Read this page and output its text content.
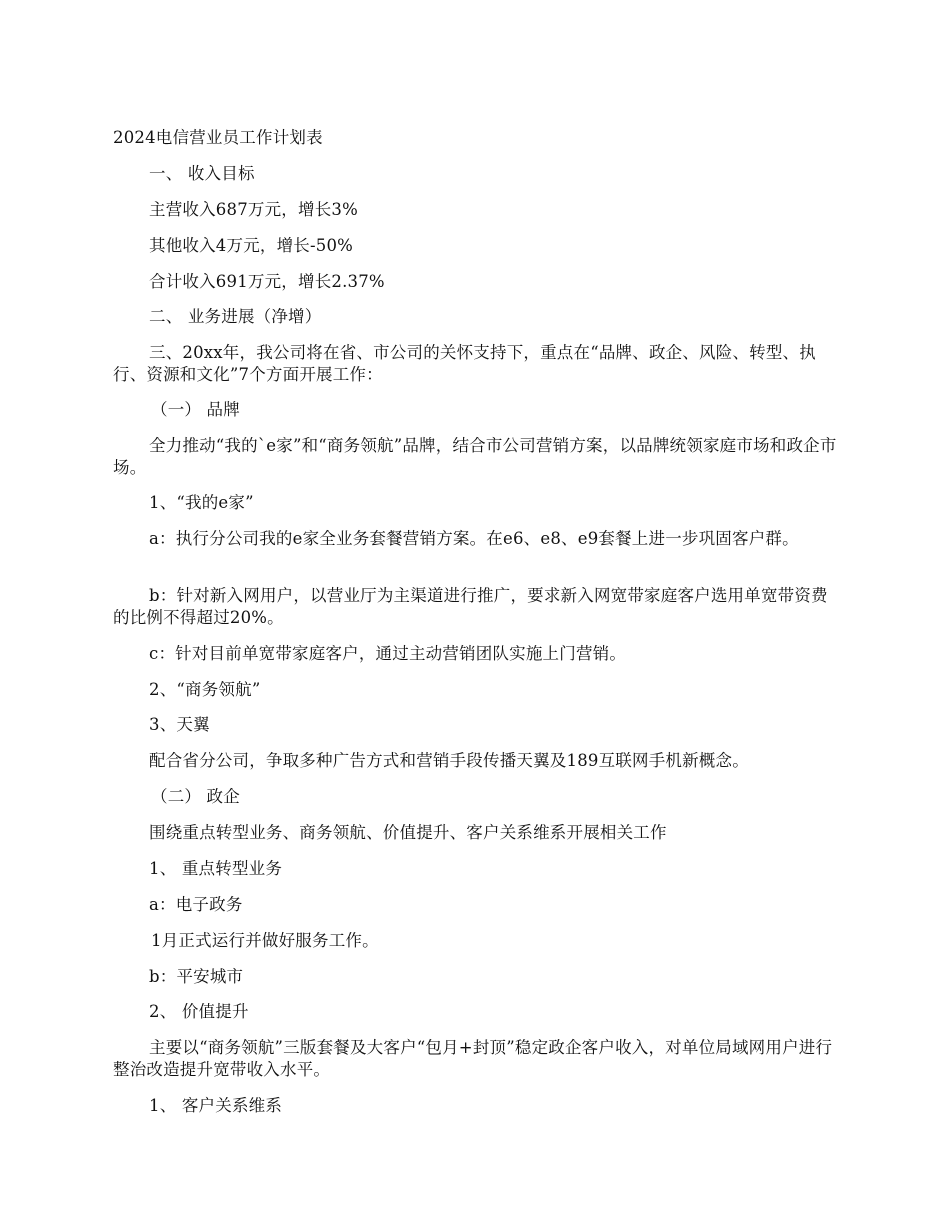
2024电信营业员工作计划表
一、 收入目标
主营收入687万元，增长3%
其他收入4万元，增长-50%
合计收入691万元，增长2.37%
二、 业务进展（净增）
三、20xx年，我公司将在省、市公司的关怀支持下，重点在“品牌、政企、风险、转型、执行、资源和文化”7个方面开展工作：
（一） 品牌
全力推动“我的`e家”和“商务领航”品牌，结合市公司营销方案，以品牌统领家庭市场和政企市场。
1、“我的e家”
a：执行分公司我的e家全业务套餐营销方案。在e6、e8、e9套餐上进一步巩固客户群。
b：针对新入网用户，以营业厅为主渠道进行推广，要求新入网宽带家庭客户选用单宽带资费的比例不得超过20%。
c：针对目前单宽带家庭客户，通过主动营销团队实施上门营销。
2、“商务领航”
3、天翼
配合省分公司，争取多种广告方式和营销手段传播天翼及189互联网手机新概念。
（二） 政企
围绕重点转型业务、商务领航、价值提升、客户关系维系开展相关工作
1、 重点转型业务
a：电子政务
1月正式运行并做好服务工作。
b：平安城市
2、 价值提升
主要以“商务领航”三版套餐及大客户“包月+封顶”稳定政企客户收入，对单位局域网用户进行整治改造提升宽带收入水平。
1、 客户关系维系
